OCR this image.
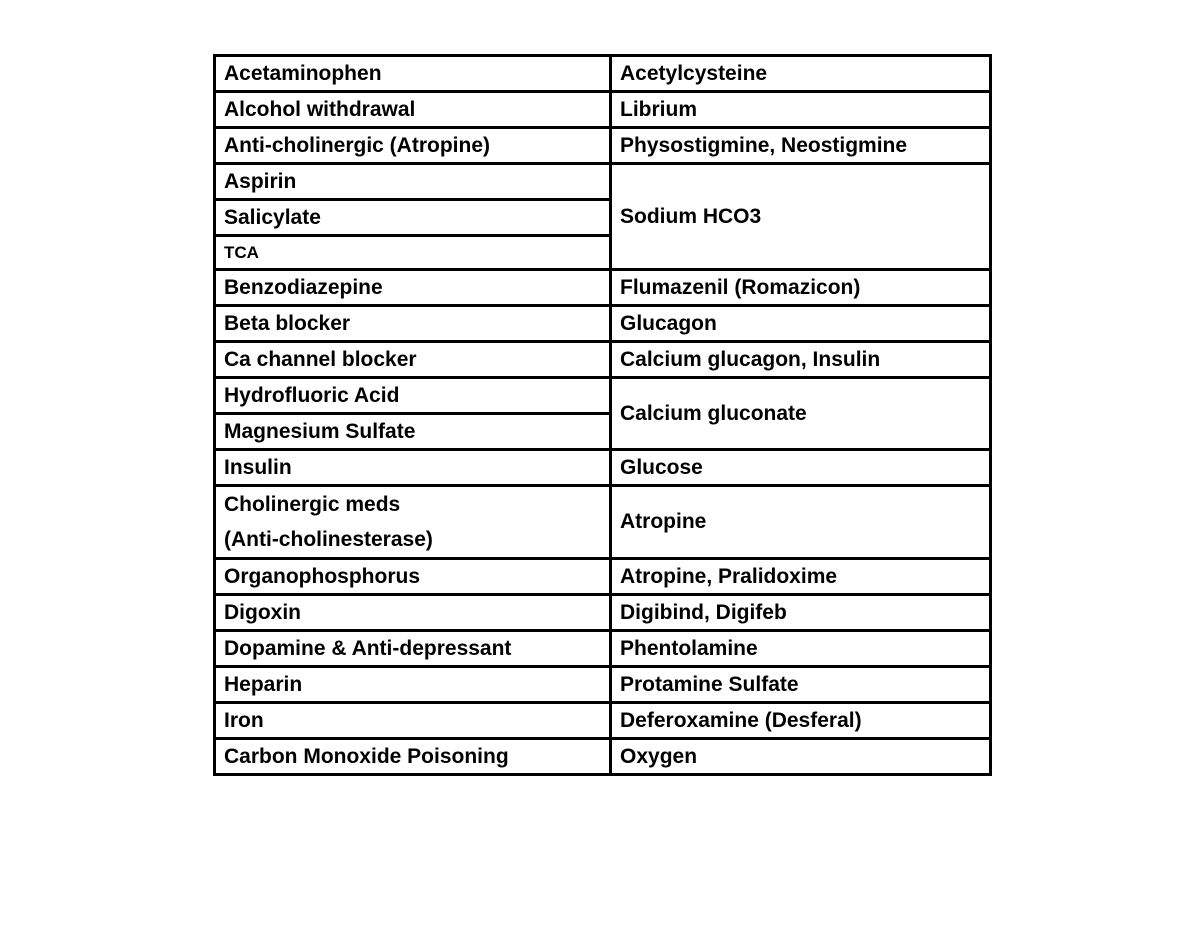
Acetaminophen	Acetylcysteine
Alcohol withdrawal	Librium
Anti-cholinergic (Atropine)	Physostigmine, Neostigmine
Aspirin	Sodium HCO3
Salicylate	
TCA	
Benzodiazepine	Flumazenil (Romazicon)
Beta blocker	Glucagon
Ca channel blocker	Calcium glucagon, Insulin
Hydrofluoric Acid	Calcium gluconate
Magnesium Sulfate	
Insulin	Glucose

Cholinergic meds
(Anti-cholinesterase)	Atropine
Organophosphorus	Atropine, Pralidoxime
Digoxin	Digibind, Digifeb
Dopamine & Anti-depressant	Phentolamine
Heparin	Protamine Sulfate
Iron	Deferoxamine (Desferal)
Carbon Monoxide Poisoning	Oxygen
